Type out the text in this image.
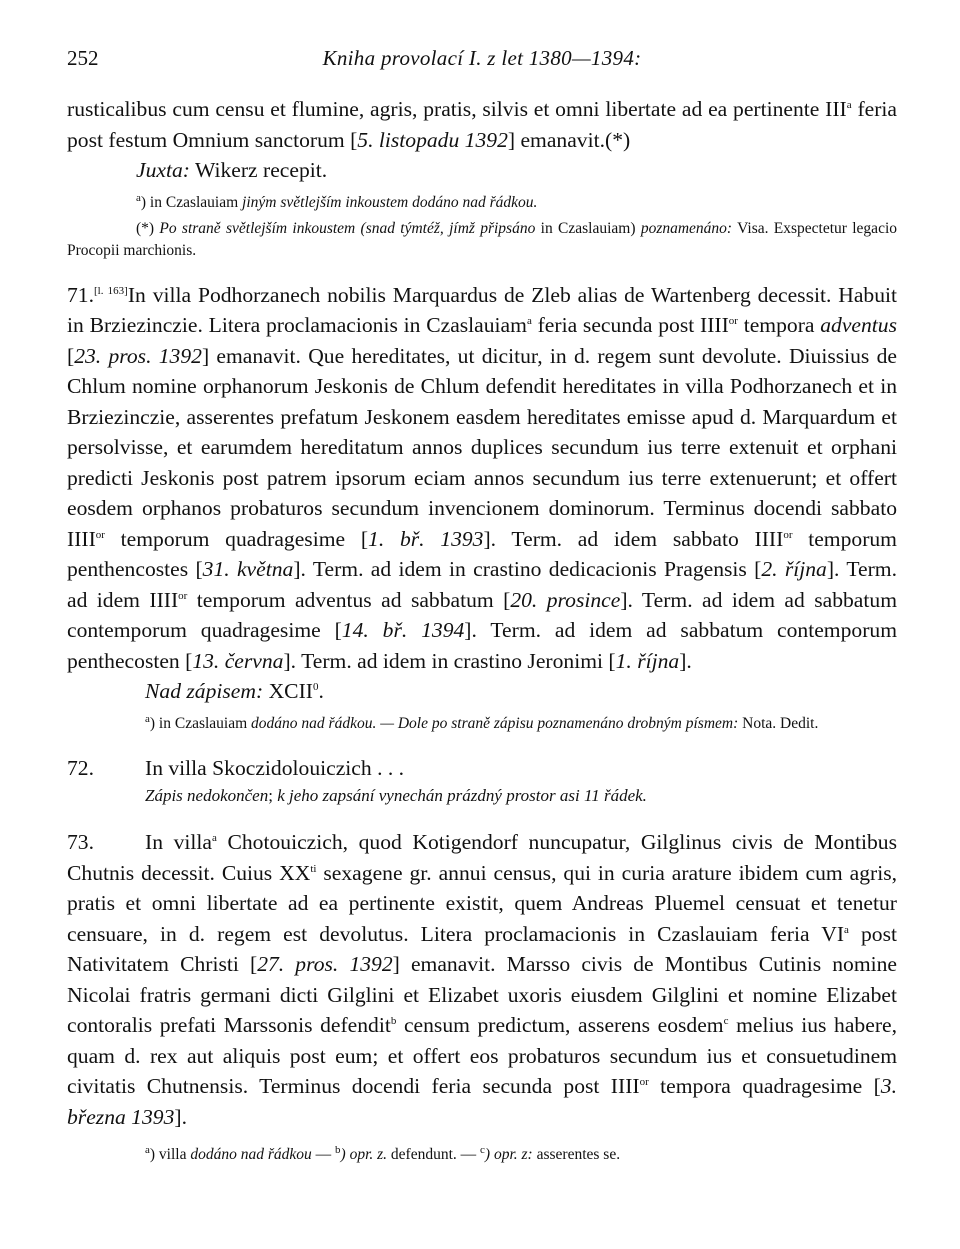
252	Kniha provolací I. z let 1380—1394:

rusticalibus cum censu et flumine, agris, pratis, silvis et omni libertate ad ea pertinente III$^a$ feria post festum Omnium sanctorum [5. listopadu 1392] emanavit.(*)

Juxta: Wikerz recepit.

$^a$) in Czaslauiam jiným světlejším inkoustem dodáno nad řádkou.

(*) Po straně světlejším inkoustem (snad týmtéž, jímž připsáno in Czaslauiam) poznamenáno: Visa. Exspectetur legacio Procopii marchionis.

71.[l. 163]In villa Podhorzanech nobilis Marquardus de Zleb alias de Wartenberg decessit. Habuit in Brziezinczie. Litera proclamacionis in Czaslauiam$^a$ feria secunda post $IIII^{or}$ tempora adventus [23. pros. 1392] emanavit. Que hereditates, ut dicitur, in d. regem sunt devolute. Diuissius de Chlum nomine orphanorum Jeskonis de Chlum defendit hereditates in villa Podhorzanech et in Brziezinczie, asserentes prefatum Jeskonem easdem hereditates emisse apud d. Marquardum et persolvisse, et earumdem hereditatum annos duplices secundum ius terre extenuit et orphani predicti Jeskonis post patrem ipsorum eciam annos secundum ius terre extenuerunt; et offert eosdem orphanos probaturos secundum invencionem dominorum. Terminus docendi sabbato $IIII^{or}$ temporum quadragesime [1. bř. 1393]. Term. ad idem sabbato $IIII^{or}$ temporum penthencostes [31. května]. Term. ad idem in crastino dedicacionis Pragensis [2. října]. Term. ad idem $IIII^{or}$ temporum adventus ad sabbatum [20. prosince]. Term. ad idem ad sabbatum contemporum quadragesime [14. bř. 1394]. Term. ad idem ad sabbatum contemporum penthecosten [13. června]. Term. ad idem in crastino Jeronimi [1. října].

Nad zápisem: XCII$^0$.

$^a$) in Czaslauiam dodáno nad řádkou. — Dole po straně zápisu poznamenáno drobným písmem: Nota. Dedit.

72.	In villa Skoczidolouiczich . . .

Zápis nedokončen; k jeho zapsání vynechán prázdný prostor asi 11 řádek.

73. In villa$^a$ Chotouiczich, quod Kotigendorf nuncupatur, Gilglinus civis de Montibus Chutnis decessit. Cuius $XX^{ti}$ sexagene gr. annui census, qui in curia arature ibidem cum agris, pratis et omni libertate ad ea pertinente existit, quem Andreas Pluemel censuat et tenetur censuare, in d. regem est devolutus. Litera proclamacionis in Czaslauiam feria $VI^a$ post Nativitatem Christi [27. pros. 1392] emanavit. Marsso civis de Montibus Cutinis nomine Nicolai fratris germani dicti Gilglini et Elizabet uxoris eiusdem Gilglini et nomine Elizabet contoralis prefati Marssonis defendit$^b$ censum predictum, asserens eosdem$^c$ melius ius habere, quam d. rex aut aliquis post eum; et offert eos probaturos secundum ius et consuetudinem civitatis Chutnensis. Terminus docendi feria secunda post $IIII^{or}$ tempora quadragesime [3. března 1393].

$^a$) villa dodáno nad řádkou — $^b$) opr. z. defendunt. — $^c$) opr. z: asserentes se.
